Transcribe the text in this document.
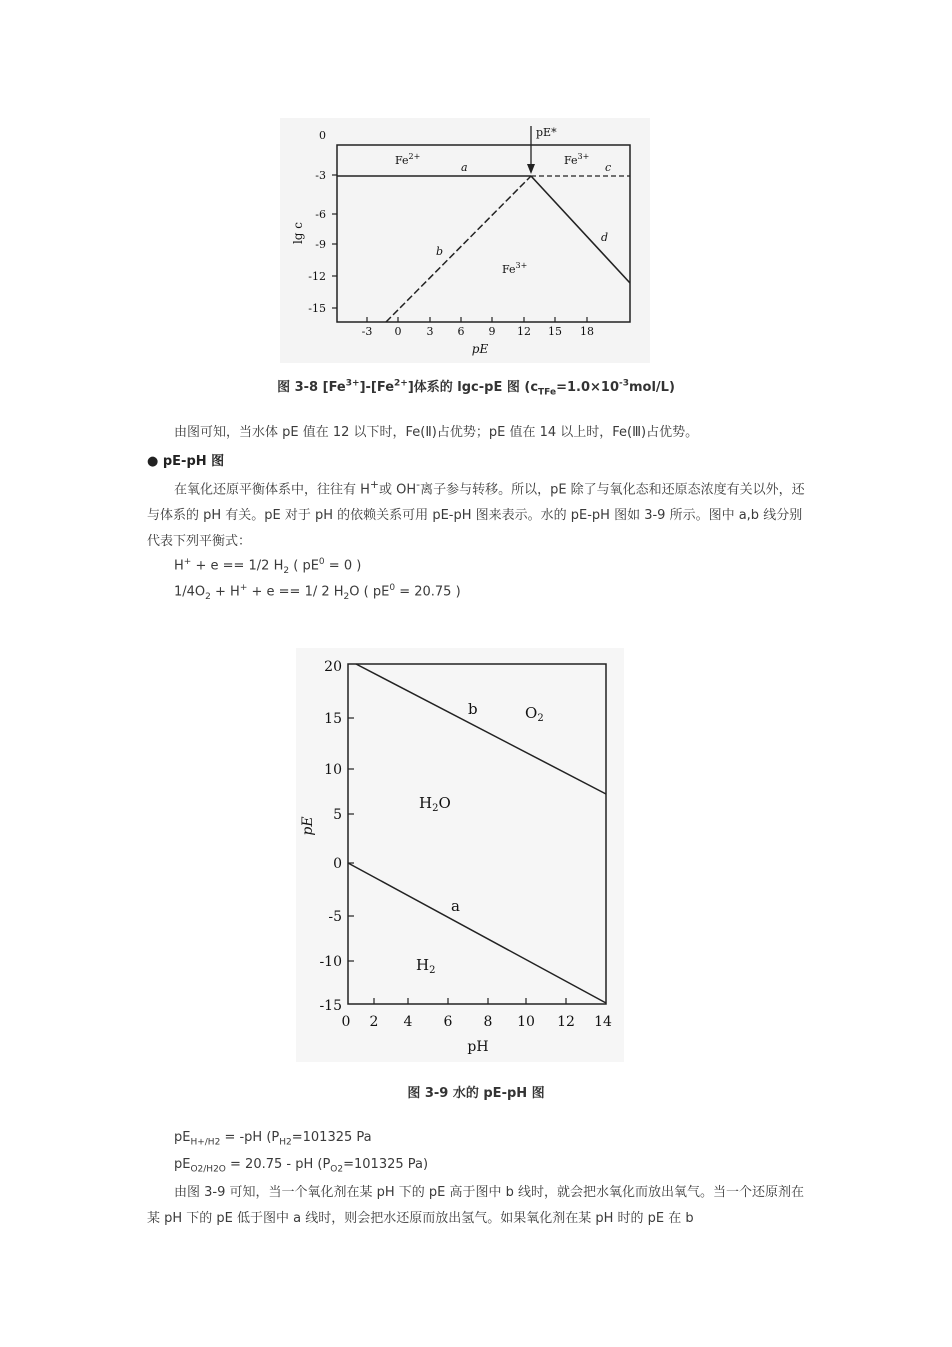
0
-3
-6
-9
-12
-15
lg c
-3 0 3 6 9 12 15 18
pE
pE*
$Fe^{2+}$	$Fe^{3+}$
$Fe^{3+}$
a
b
c
d
图 3-8 $[Fe^{3+}]-[Fe^{2+}]$体系的 lgc-pE 图 $(c_{TFe}=1.0\times 10^{-3}mol/L)$
由图可知，当水体 pE 值在 12 以下时，Fe(Ⅱ)占优势；pE 值在 14 以上时，Fe(Ⅲ)占优势。
● pE-pH 图
在氧化还原平衡体系中，往往有 H+或 OH-离子参与转移。所以，pE 除了与氧化态和还原态浓度有关以外，还与体系的 pH 有关。pE 对于 pH 的依赖关系可用 pE-pH 图来表示。水的 pE-pH 图如 3-9 所示。图中 a,b 线分别代表下列平衡式：
H+ + e == 1/2 $H_2$ ( $pE^0 = 0$ )
$1/4O_2 + H^+ + e == 1/$ 2 $H_2O$ ( $pE^0 = 20.75$ )
20
15
10
5
0
-5
-10
-15
pE
0 2 4 6 8 10 12 14
pH
b
a
$O_2$
$H_2O$
$H_2$
图 3-9 水的 pE-pH 图
$pE_{H+/H2} = -pH$ ($P_{H2}=101325$ Pa
$pE_{O2/H2O} = 20.75$ - pH ($P_{O2}=101325$ Pa)
由图 3-9 可知，当一个氧化剂在某 pH 下的 pE 高于图中 b 线时，就会把水氧化而放出氧气。当一个还原剂在某 pH 下的 pE 低于图中 a 线时，则会把水还原而放出氢气。如果氧化剂在某 pH 时的 pE 在 b
